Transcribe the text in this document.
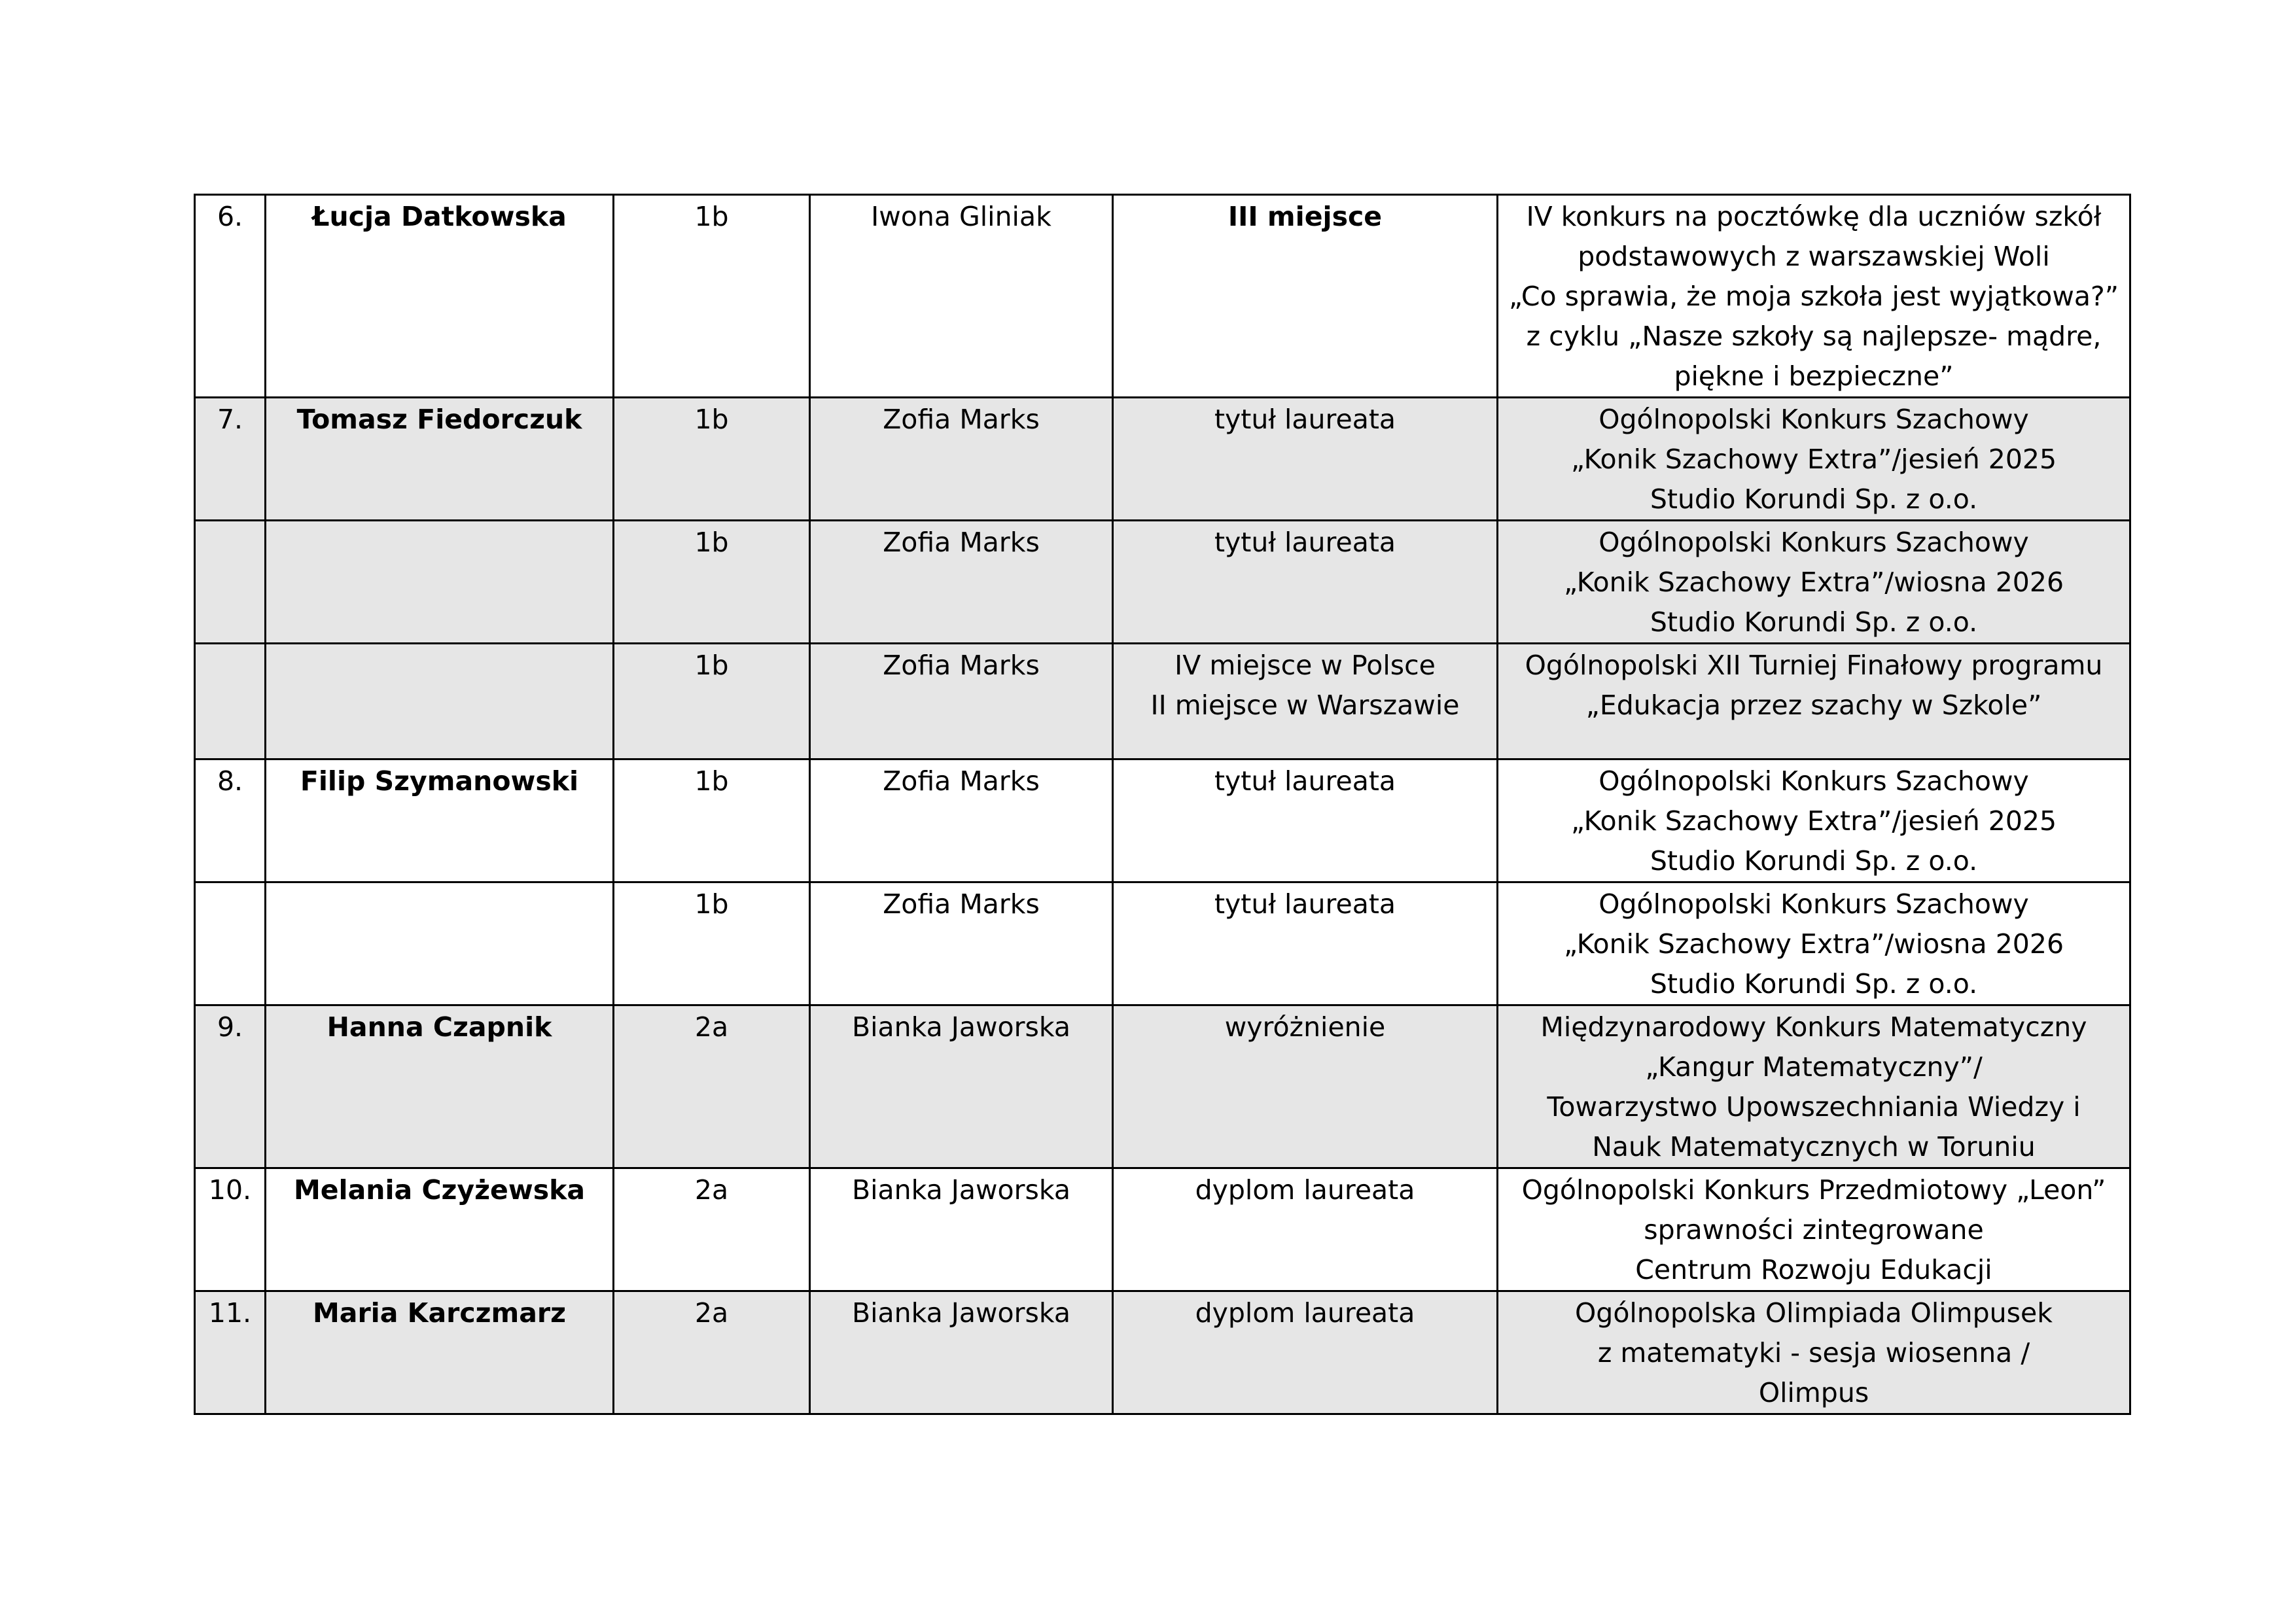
6.	Łucja Datkowska	1b	Iwona Gliniak	III miejsce	IV konkurs na pocztówkę dla uczniów szkół
podstawowych z warszawskiej Woli
„Co sprawia, że moja szkoła jest wyjątkowa?”
z cyklu „Nasze szkoły są najlepsze- mądre,
piękne i bezpieczne”

7.	Tomasz Fiedorczuk	1b	Zofia Marks	tytuł laureata	Ogólnopolski Konkurs Szachowy
„Konik Szachowy Extra”/jesień 2025
Studio Korundi Sp. z o.o.

		1b	Zofia Marks	tytuł laureata	Ogólnopolski Konkurs Szachowy
„Konik Szachowy Extra”/wiosna 2026
Studio Korundi Sp. z o.o.

		1b	Zofia Marks	IV miejsce w Polsce
II miejsce w Warszawie	Ogólnopolski XII Turniej Finałowy programu
„Edukacja przez szachy w Szkole”

8.	Filip Szymanowski	1b	Zofia Marks	tytuł laureata	Ogólnopolski Konkurs Szachowy
„Konik Szachowy Extra”/jesień 2025
Studio Korundi Sp. z o.o.

		1b	Zofia Marks	tytuł laureata	Ogólnopolski Konkurs Szachowy
„Konik Szachowy Extra”/wiosna 2026
Studio Korundi Sp. z o.o.

9.	Hanna Czapnik	2a	Bianka Jaworska	wyróżnienie	Międzynarodowy Konkurs Matematyczny
„Kangur Matematyczny”/
Towarzystwo Upowszechniania Wiedzy i
Nauk Matematycznych w Toruniu

10.	Melania Czyżewska	2a	Bianka Jaworska	dyplom laureata	Ogólnopolski Konkurs Przedmiotowy „Leon”
sprawności zintegrowane
Centrum Rozwoju Edukacji

11.	Maria Karczmarz	2a	Bianka Jaworska	dyplom laureata	Ogólnopolska Olimpiada Olimpusek
z matematyki - sesja wiosenna /
Olimpus
